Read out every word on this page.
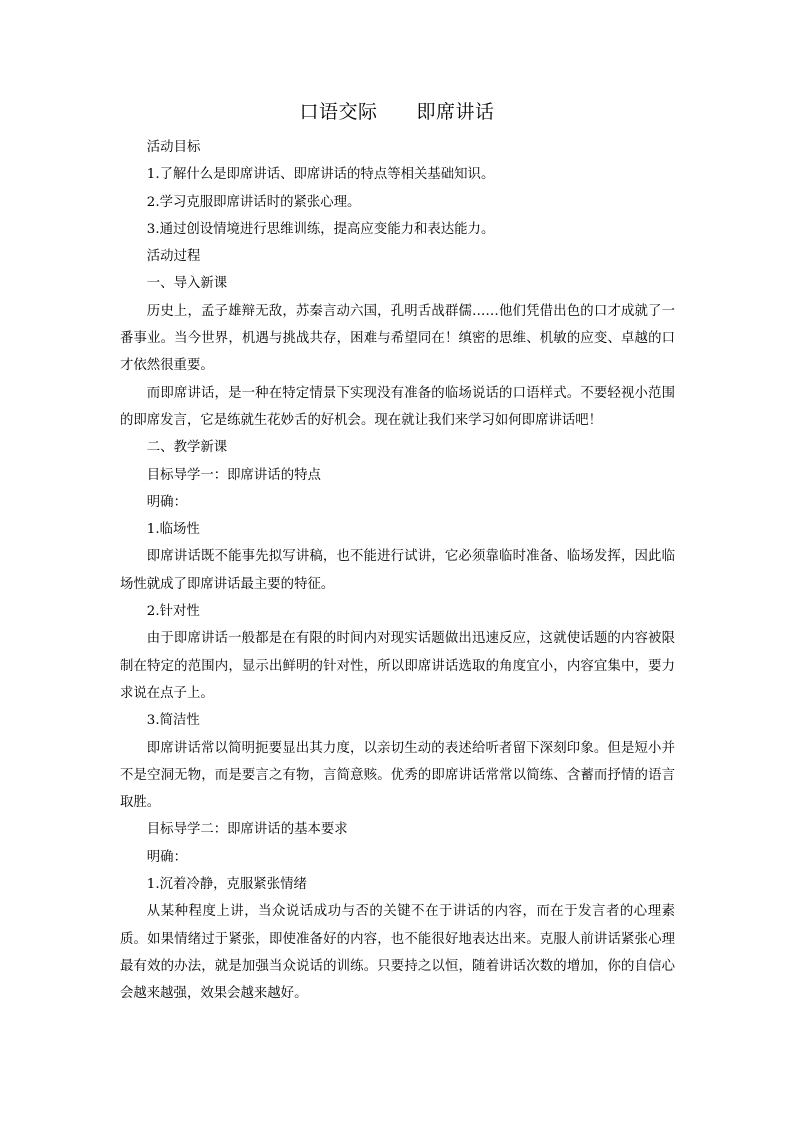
口语交际　　即席讲话

活动目标

1.了解什么是即席讲话、即席讲话的特点等相关基础知识。

2.学习克服即席讲话时的紧张心理。

3.通过创设情境进行思维训练，提高应变能力和表达能力。

活动过程

一、导入新课

历史上，孟子雄辩无敌，苏秦言动六国，孔明舌战群儒……他们凭借出色的口才成就了一番事业。当今世界，机遇与挑战共存，困难与希望同在！缜密的思维、机敏的应变、卓越的口才依然很重要。

而即席讲话，是一种在特定情景下实现没有准备的临场说话的口语样式。不要轻视小范围的即席发言，它是练就生花妙舌的好机会。现在就让我们来学习如何即席讲话吧！

二、教学新课

目标导学一：即席讲话的特点

明确：

1.临场性

即席讲话既不能事先拟写讲稿，也不能进行试讲，它必须靠临时准备、临场发挥，因此临场性就成了即席讲话最主要的特征。

2.针对性

由于即席讲话一般都是在有限的时间内对现实话题做出迅速反应，这就使话题的内容被限制在特定的范围内，显示出鲜明的针对性，所以即席讲话选取的角度宜小，内容宜集中，要力求说在点子上。

3.简洁性

即席讲话常以简明扼要显出其力度，以亲切生动的表述给听者留下深刻印象。但是短小并不是空洞无物，而是要言之有物，言简意赅。优秀的即席讲话常常以简练、含蓄而抒情的语言取胜。

目标导学二：即席讲话的基本要求

明确：

1.沉着冷静，克服紧张情绪

从某种程度上讲，当众说话成功与否的关键不在于讲话的内容，而在于发言者的心理素质。如果情绪过于紧张，即使准备好的内容，也不能很好地表达出来。克服人前讲话紧张心理最有效的办法，就是加强当众说话的训练。只要持之以恒，随着讲话次数的增加，你的自信心会越来越强，效果会越来越好。
